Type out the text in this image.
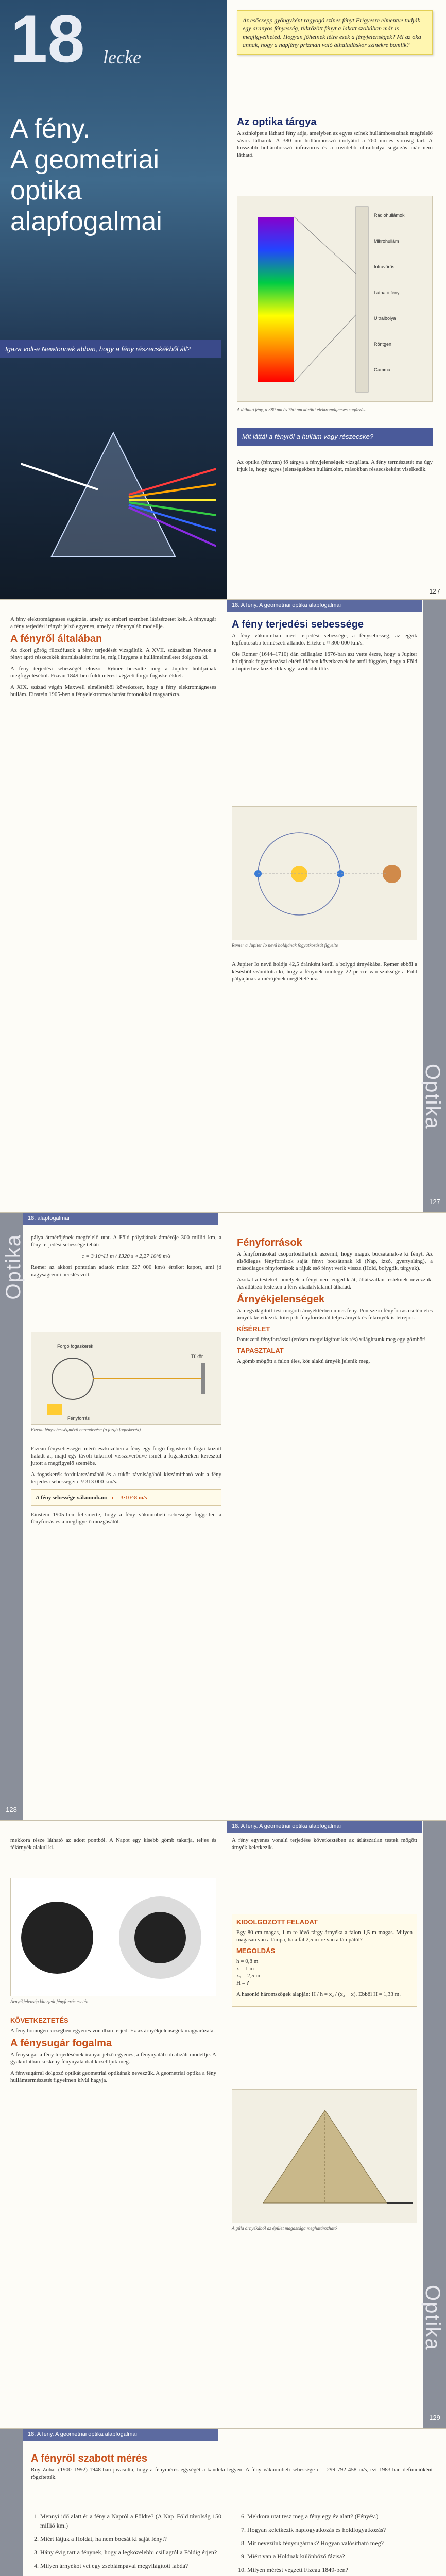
18 lecke
A fény.
A geometriai
optika
alapfogalmai
Igaza volt-e Newtonnak abban, hogy a fény részecskékből áll?
Az esőcsepp gyöngyként ragyogó színes fényt Frigyesre elmentve tudják egy aranyos fényesség, tükrözött fényt a lakott szobában már is megfigyelheted. Hogyan jöhetnek létre ezek a fényjelenségek? Mi az oka annak, hogy a napfény prizmán való áthaladáskor színekre bomlik?
Az optika tárgya
A színképet a látható fény adja, amelyben az egyes színek hullámhosszának megfelelő sávok láthatók. A 380 nm hullámhosszú ibolyától a 760 nm-es vörösig tart. A hosszabb hullámhosszú infravörös és a rövidebb ultraibolya sugárzás már nem látható.
Rádióhullámok
Mikrohullám
Infravörös
Látható fény
Ultraibolya
Röntgen
Gamma
A látható fény, a 380 nm és 760 nm közötti elektromágneses sugárzás.
Mit láttál a fényről a hullám vagy részecske?
Az optika (fénytan) fő tárgya a fényjelenségek vizsgálata. A fény természetét ma úgy írjuk le, hogy egyes jelenségekben hullámként, másokban részecskeként viselkedik.
127
18. A fény. A geometriai optika alapfogalmai
A fény elektromágneses sugárzás, amely az emberi szemben látásérzetet kelt. A fénysugár a fény terjedési irányát jelző egyenes, amely a fénynyaláb modellje.
A fényről általában
Az ókori görög filozófusok a fény terjedését vizsgálták. A XVII. században Newton a fényt apró részecskék áramlásaként írta le, míg Huygens a hullámelméletet dolgozta ki.
A fény terjedési sebességét először Rømer becsülte meg a Jupiter holdjainak megfigyeléséből. Fizeau 1849-ben földi mérést végzett forgó fogaskerékkel.
A XIX. század végén Maxwell elméletéből következett, hogy a fény elektromágneses hullám. Einstein 1905-ben a fényelektromos hatást fotonokkal magyarázta.
A fény terjedési sebessége
A fény vákuumban mért terjedési sebessége, a fénysebesség, az egyik legfontosabb természeti állandó. Értéke c ≈ 300 000 km/s.
Ole Rømer (1644–1710) dán csillagász 1676-ban azt vette észre, hogy a Jupiter holdjának fogyatkozásai eltérő időben következnek be attól függően, hogy a Föld a Jupiterhez közeledik vagy távolodik tőle.
Rømer a Jupiter Io nevű holdjának fogyatkozását figyelte
A Jupiter Io nevű holdja 42,5 óránként kerül a bolygó árnyékába. Rømer ebből a késésből számította ki, hogy a fénynek mintegy 22 percre van szüksége a Föld pályájának átmérőjének megtételéhez.
Optika
127
Optika
128
18. alapfogalmai
pálya átmérőjének megfelelő utat. A Föld pályájának átmérője 300 millió km, a fény terjedési sebessége tehát:
c = 3·10^11 m / 1320 s ≈ 2,27·10^8 m/s
Rømer az akkori pontatlan adatok miatt 227 000 km/s értéket kapott, ami jó nagyságrendi becslés volt.
Forgó fogaskerék
Fényforrás
Tükör
Fizeau fénysebességmérő berendezése (a forgó fogaskerék)
Fizeau fénysebességet mérő eszközében a fény egy forgó fogaskerék fogai között haladt át, majd egy távoli tükörről visszaverődve ismét a fogaskeréken keresztül jutott a megfigyelő szemébe.
A fogaskerék fordulatszámából és a tükör távolságából kiszámítható volt a fény terjedési sebessége: c ≈ 313 000 km/s.
A fény sebessége vákuumban: c = 3·10^8 m/s
Einstein 1905-ben felismerte, hogy a fény vákuumbeli sebessége független a fényforrás és a megfigyelő mozgásától.
Fényforrások
A fényforrásokat csoportosíthatjuk aszerint, hogy maguk bocsátanak-e ki fényt. Az elsődleges fényforrások saját fényt bocsátanak ki (Nap, izzó, gyertyaláng), a másodlagos fényforrások a rájuk eső fényt verik vissza (Hold, bolygók, tárgyak).
Azokat a testeket, amelyek a fényt nem engedik át, átlátszatlan testeknek nevezzük. Az átlátszó testeken a fény akadálytalanul áthalad.
Árnyékjelenségek
A megvilágított test mögötti árnyéktérben nincs fény. Pontszerű fényforrás esetén éles árnyék keletkezik, kiterjedt fényforrásnál teljes árnyék és félárnyék is létrejön.
KÍSÉRLET
Pontszerű fényforrással (erősen megvilágított kis rés) világítsunk meg egy gömböt!
TAPASZTALAT
A gömb mögött a falon éles, kör alakú árnyék jelenik meg.
18. A fény. A geometriai optika alapfogalmai
mekkora része látható az adott pontból. A Napot egy kisebb gömb takarja, teljes és félárnyék alakul ki.
Árnyékjelenség kiterjedt fényforrás esetén
KÖVETKEZTETÉS
A fény homogén közegben egyenes vonalban terjed. Ez az árnyékjelenségek magyarázata.
A fénysugár fogalma
A fénysugár a fény terjedésének irányát jelző egyenes, a fénynyaláb idealizált modellje. A gyakorlatban keskeny fénynyalábbal közelítjük meg.
A fénysugárral dolgozó optikát geometriai optikának nevezzük. A geometriai optika a fény hullámtermészetét figyelmen kívül hagyja.
A fény egyenes vonalú terjedése következtében az átlátszatlan testek mögött árnyék keletkezik.
KIDOLGOZOTT FELADAT
Egy 80 cm magas, 1 m-re lévő tárgy árnyéka a falon 1,5 m magas. Milyen magasan van a lámpa, ha a fal 2,5 m-re van a lámpától?
MEGOLDÁS
h = 0,8 m
x = 1 m
x₂ = 2,5 m
H = ?
A hasonló háromszögek alapján: H / h = x₂ / (x₂ − x). Ebből H = 1,33 m.
A gúla árnyékából az épület magassága meghatározható
Optika
129
18. A fény. A geometriai optika alapfogalmai
A fényről szabott mérés
Roy Zohar (1900–1992) 1948-ban javasolta, hogy a fénymérés egységét a kandela legyen. A fény vákuumbeli sebessége c = 299 792 458 m/s, ezt 1983-ban definícióként rögzítették.
1. Mennyi idő alatt ér a fény a Napról a Földre? (A Nap–Föld távolság 150 millió km.)
2. Miért látjuk a Holdat, ha nem bocsát ki saját fényt?
3. Hány évig tart a fénynek, hogy a legközelebbi csillagtól a Földig érjen?
4. Milyen árnyékot vet egy zseblámpával megvilágított labda?
5.
6. Mekkora utat tesz meg a fény egy év alatt? (Fényév.)
7. Hogyan keletkezik napfogyatkozás és holdfogyatkozás?
8. Mit nevezünk fénysugárnak? Hogyan valósítható meg?
9. Miért van a Holdnak különböző fázisa?
10. Milyen mérést végzett Fizeau 1849-ben?
